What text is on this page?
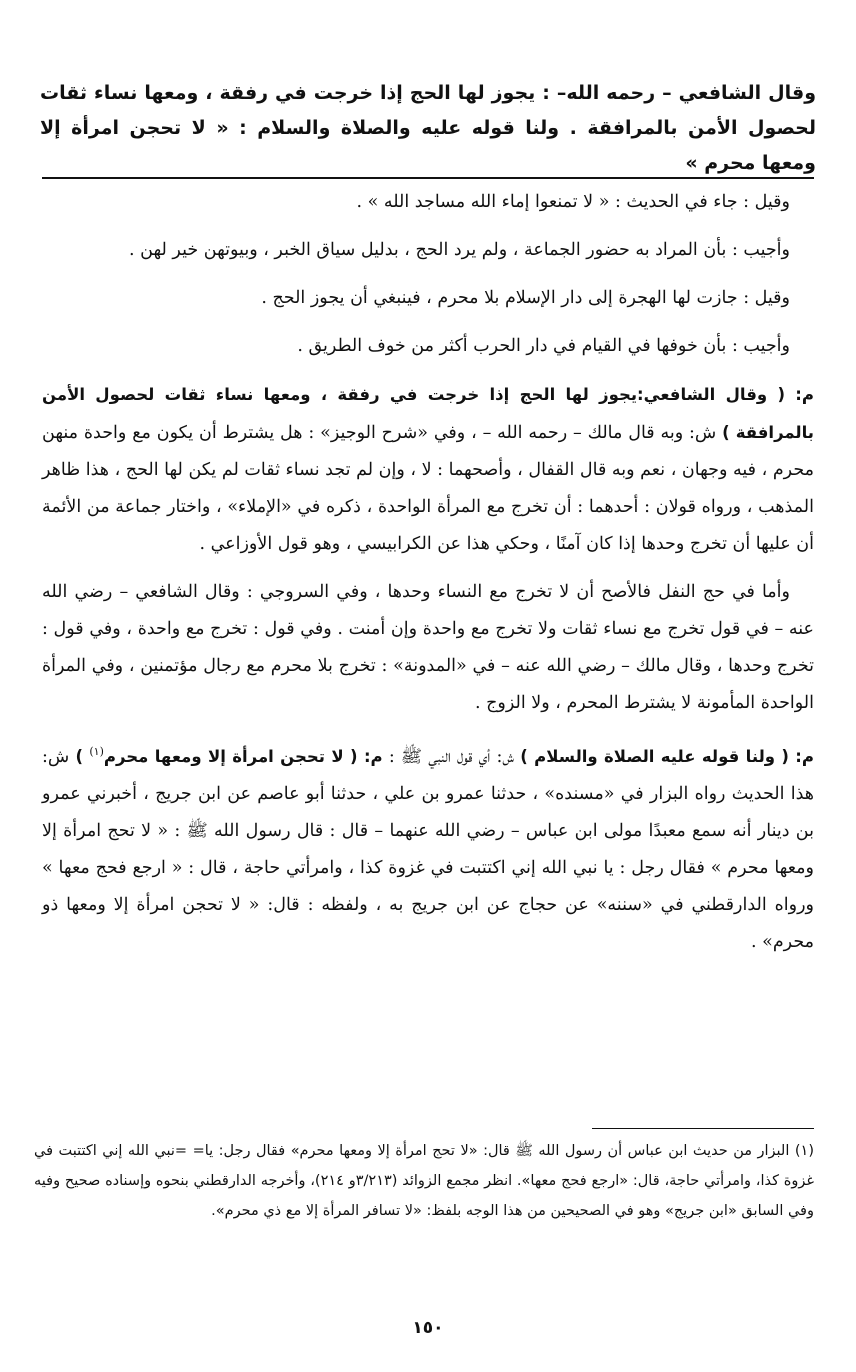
وقال الشافعي – رحمه الله– : يجوز لها الحج إذا خرجت في رفقة ، ومعها نساء ثقات لحصول الأمن بالمرافقة . ولنا قوله عليه والصلاة والسلام : « لا تحجن امرأة إلا ومعها محرم »

وقيل : جاء في الحديث : « لا تمنعوا إماء الله مساجد الله » .

وأجيب : بأن المراد به حضور الجماعة ، ولم يرد الحج ، بدليل سياق الخبر ، وبيوتهن خير لهن .

وقيل : جازت لها الهجرة إلى دار الإسلام بلا محرم ، فينبغي أن يجوز الحج .

وأجيب : بأن خوفها في القيام في دار الحرب أكثر من خوف الطريق .

م: ( وقال الشافعي:يجوز لها الحج إذا خرجت في رفقة ، ومعها نساء ثقات لحصول الأمن بالمرافقة ) ش: وبه قال مالك – رحمه الله – ، وفي «شرح الوجيز» : هل يشترط أن يكون مع واحدة منهن محرم ، فيه وجهان ، نعم وبه قال القفال ، وأصحهما : لا ، وإن لم تجد نساء ثقات لم يكن لها الحج ، هذا ظاهر المذهب ، ورواه قولان : أحدهما : أن تخرج مع المرأة الواحدة ، ذكره في «الإملاء» ، واختار جماعة من الأئمة أن عليها أن تخرج وحدها إذا كان آمنًا ، وحكي هذا عن الكرابيسي ، وهو قول الأوزاعي .

وأما في حج النفل فالأصح أن لا تخرج مع النساء وحدها ، وفي السروجي : وقال الشافعي – رضي الله عنه – في قول تخرج مع نساء ثقات ولا تخرج مع واحدة وإن أمنت . وفي قول : تخرج مع واحدة ، وفي قول : تخرج وحدها ، وقال مالك – رضي الله عنه – في «المدونة» : تخرج بلا محرم مع رجال مؤتمنين ، وفي المرأة الواحدة المأمونة لا يشترط المحرم ، ولا الزوج .

م: ( ولنا قوله عليه الصلاة والسلام ) ش: أي قول النبي ﷺ : م: ( لا تحجن امرأة إلا ومعها محرم$^{(١)}$ ) ش: هذا الحديث رواه البزار في «مسنده» ، حدثنا عمرو بن علي ، حدثنا أبو عاصم عن ابن جريج ، أخبرني عمرو بن دينار أنه سمع معبدًا مولى ابن عباس – رضي الله عنهما – قال : قال رسول الله ﷺ : « لا تحج امرأة إلا ومعها محرم » فقال رجل : يا نبي الله إني اكتتبت في غزوة كذا ، وامرأتي حاجة ، قال : « ارجع فحج معها » ورواه الدارقطني في «سننه» عن حجاج عن ابن جريج به ، ولفظه : قال: « لا تحجن امرأة إلا ومعها ذو محرم» .

(١) البزار من حديث ابن عباس أن رسول الله ﷺ قال: «لا تحج امرأة إلا ومعها محرم» فقال رجل: يا= =نبي الله إني اكتتبت في غزوة كذا، وامرأتي حاجة، قال: «ارجع فحج معها». انظر مجمع الزوائد (٣/٢١٣و ٢١٤)، وأخرجه الدارقطني بنحوه وإسناده صحيح وفيه وفي السابق «ابن جريج» وهو في الصحيحين من هذا الوجه بلفظ: «لا تسافر المرأة إلا مع ذي محرم».

١٥٠
